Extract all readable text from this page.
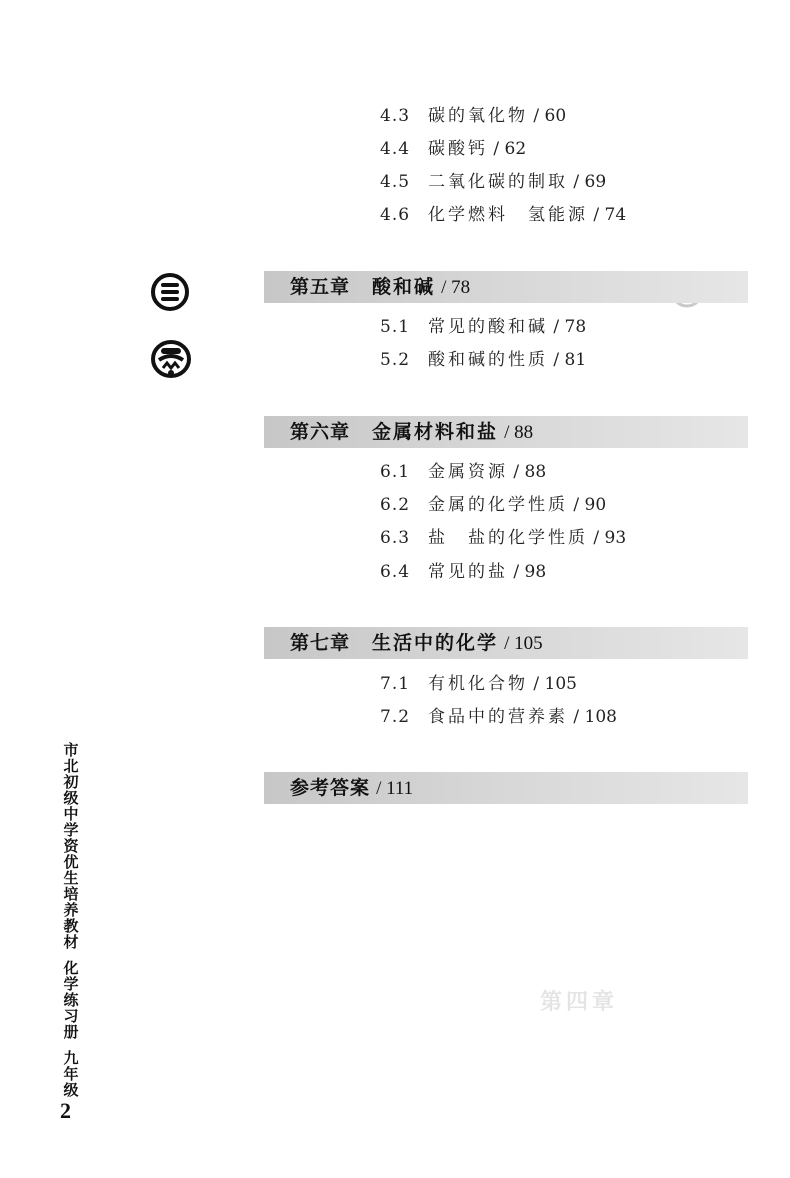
第四章
4.3 碳的氧化物 / 60
4.4 碳酸钙 / 62
4.5 二氧化碳的制取 / 69
4.6 化学燃料　氢能源 / 74
第五章 酸和碱 / 78
5.1 常见的酸和碱 / 78
5.2 酸和碱的性质 / 81
第六章 金属材料和盐 / 88
6.1 金属资源 / 88
6.2 金属的化学性质 / 90
6.3 盐　盐的化学性质 / 93
6.4 常见的盐 / 98
第七章 生活中的化学 / 105
7.1 有机化合物 / 105
7.2 食品中的营养素 / 108
参考答案 / 111
市
北
初
级
中
学
资
优
生
培
养
教
材
化
学
练
习
册
九
年
级
2
